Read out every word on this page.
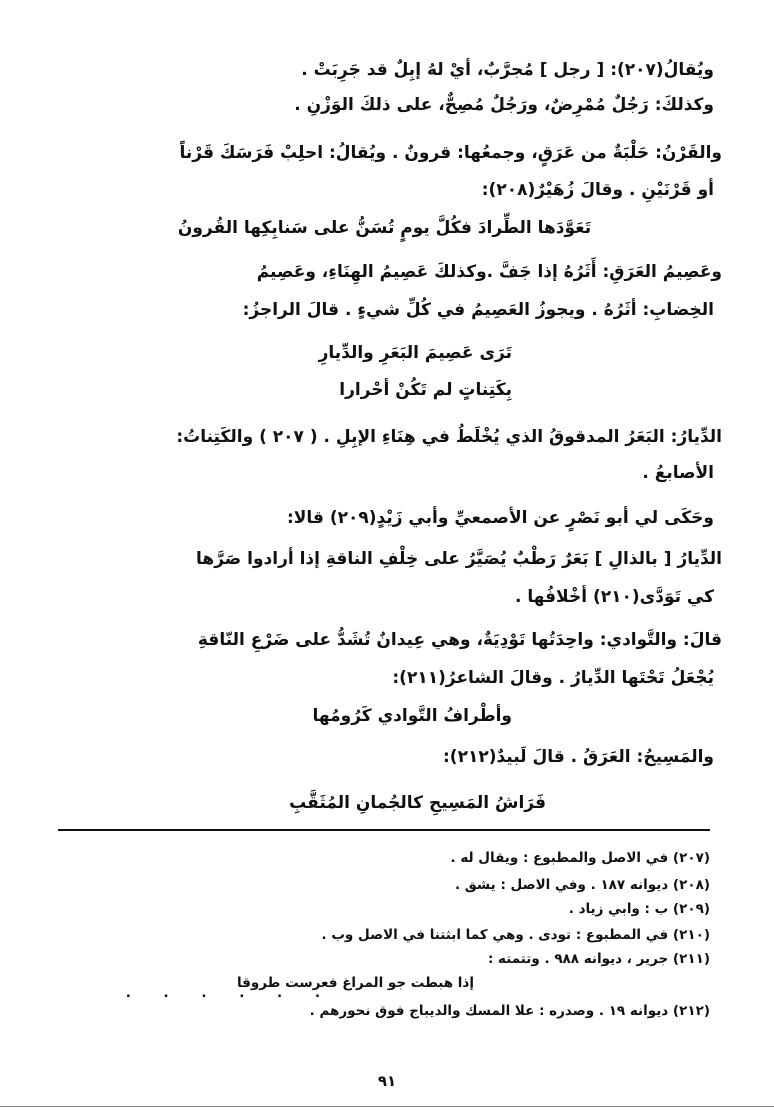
ويُقالُ(٢٠٧): [ رجل ] مُجرَّبٌ، أيْ لهُ إبِلٌ قد جَرِبَتْ .
وكذلكَ: رَجُلٌ مُمْرِضٌ، ورَجُلٌ مُصِحٌّ، على ذلكَ الوَزْنِ .
والقَرْنُ: حَلْبَةٌ من عَرَقٍ، وجمعُها: قرونٌ . ويُقالُ: احلِبْ فَرَسَكَ قَرْناً
أو قَرْنَيْنِ . وقالَ زُهَيْرٌ(٢٠٨):
تَعَوَّدَها الطِّرادَ فكُلَّ يومٍ تُسَنُّ على سَنابِكِها القُرونُ
وعَصِيمُ العَرَقِ: أَثَرُهُ إذا جَفَّ .وكذلكَ عَصِيمُ الهِنَاءِ، وعَصِيمُ
الخِضابِ: أثَرُهُ . ويجوزُ العَصِيمُ في كُلِّ شيءٍ . قالَ الراجزُ:
تَرَى عَصِيمَ البَعَرِ والدِّيارِ
بِكَتِناتٍ لم تَكُنْ أحْرارا
الدِّيارُ: البَعَرُ المدقوقُ الذي يُخْلَطُ في هِنَاءِ الإبِلِ . ( ٢٠٧ ) والكَتِناتُ:
الأصابعُ .
وحَكَى لي أبو نَصْرٍ عن الأصمعيِّ وأبي زَيْدٍ(٢٠٩) قالا:
الدِّيارُ [ بالذالِ ] بَعَرٌ رَطْبٌ يُصَيَّرُ على خِلْفِ الناقةِ إذا أرادوا صَرَّها
كي تَوَدَّى(٢١٠) أخْلافُها .
قالَ: والتَّوادي: واحِدَتُها تَوْدِيَةٌ، وهي عِيدانٌ تُشَدُّ على ضَرْعِ النّاقةِ
يُجْعَلُ تَحْتَها الدِّيارُ . وقالَ الشاعرُ(٢١١):
وأطْرافُ التَّوادي كَرُومُها
والمَسِيحُ: العَرَقُ . قالَ لَبيدٌ(٢١٢):
فَرَاشُ المَسِيحِ كالجُمانِ المُثَقَّبِ
(٢٠٧) في الاصل والمطبوع : ويقال له .
(٢٠٨) ديوانه ١٨٧ . وفي الاصل : يشق .
(٢٠٩) ب : وابي زياد .
(٢١٠) في المطبوع : تودى . وهي كما ابثتنا في الاصل وب .
(٢١١) جرير ، ديوانه ٩٨٨ . وتتمته :
إذا هبطت جو المراغ فعرست طروقا
. . . . . .
(٢١٢) ديوانه ١٩ . وصدره : علا المسك والديباج فوق نحورهم .
٩١
